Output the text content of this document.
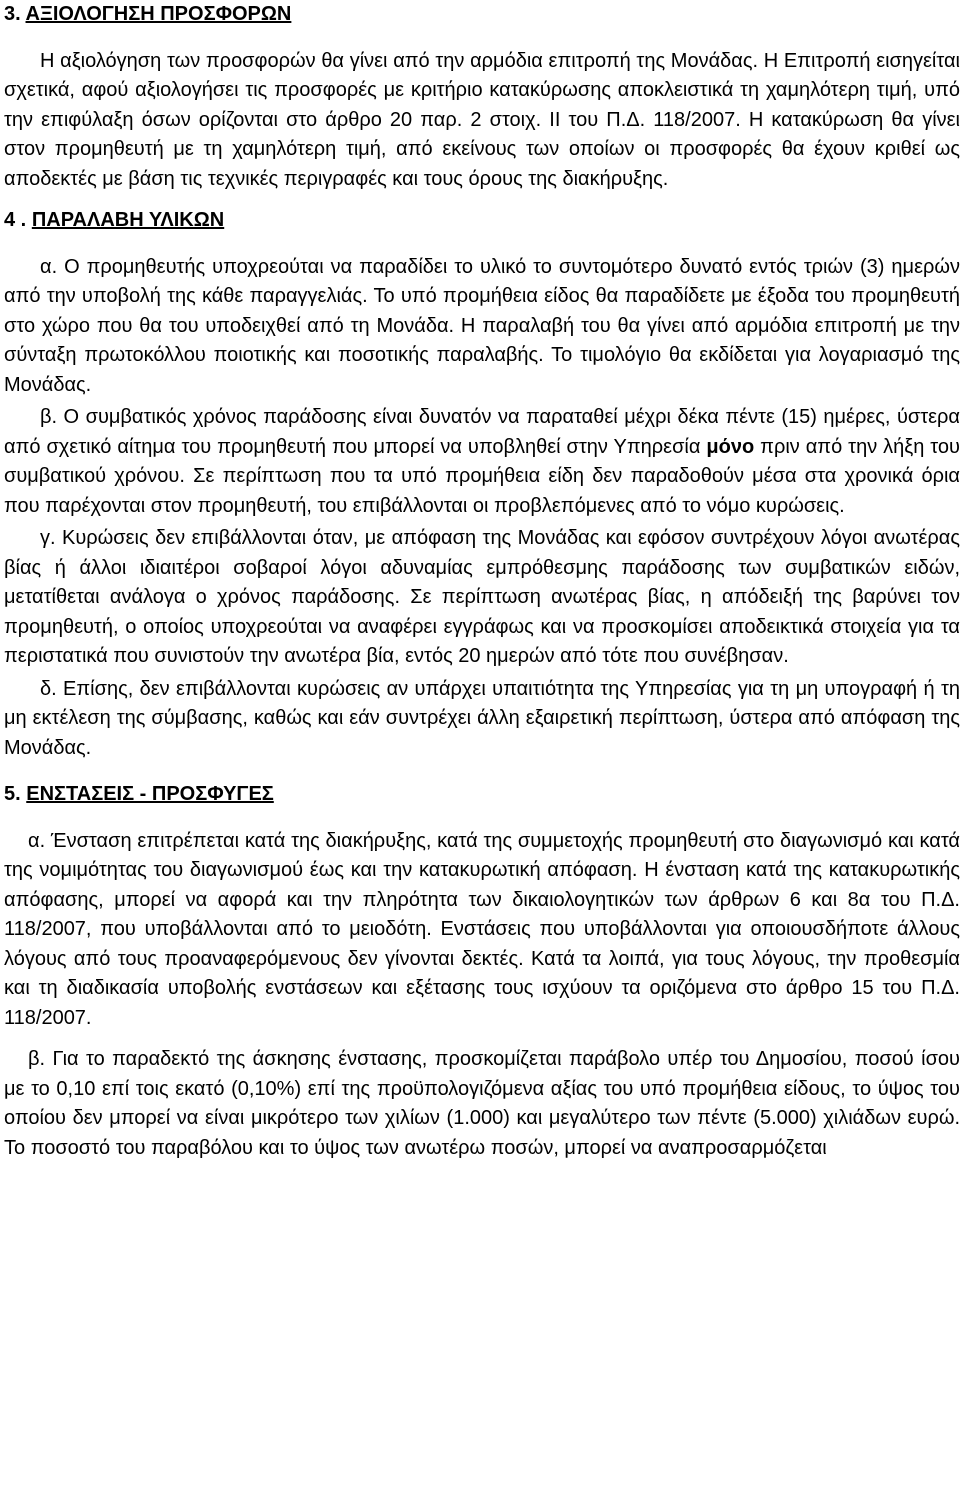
3. ΑΞΙΟΛΟΓΗΣΗ ΠΡΟΣΦΟΡΩΝ

Η αξιολόγηση των προσφορών θα γίνει από την αρμόδια επιτροπή της Μονάδας. Η Επιτροπή εισηγείται σχετικά, αφού αξιολογήσει τις προσφορές με κριτήριο κατακύρωσης αποκλειστικά τη χαμηλότερη τιμή, υπό την επιφύλαξη όσων ορίζονται στο άρθρο 20 παρ. 2 στοιχ. ΙΙ του Π.Δ. 118/2007. Η κατακύρωση θα γίνει στον προμηθευτή με τη χαμηλότερη τιμή, από εκείνους των οποίων οι προσφορές θα έχουν κριθεί ως αποδεκτές με βάση τις τεχνικές περιγραφές και τους όρους της διακήρυξης.

4 . ΠΑΡΑΛΑΒΗ ΥΛΙΚΩΝ

α. Ο προμηθευτής υποχρεούται να παραδίδει το υλικό το συντομότερο δυνατό εντός τριών (3) ημερών από την υποβολή της κάθε παραγγελιάς. Το υπό προμήθεια είδος θα παραδίδετε με έξοδα του προμηθευτή στο χώρο που θα του υποδειχθεί από τη Μονάδα. Η παραλαβή του θα γίνει από αρμόδια επιτροπή με την σύνταξη πρωτοκόλλου ποιοτικής και ποσοτικής παραλαβής. Το τιμολόγιο θα εκδίδεται για λογαριασμό της Μονάδας.

β. Ο συμβατικός χρόνος παράδοσης είναι δυνατόν να παραταθεί μέχρι δέκα πέντε (15) ημέρες, ύστερα από σχετικό αίτημα του προμηθευτή που μπορεί να υποβληθεί στην Υπηρεσία μόνο πριν από την λήξη του συμβατικού χρόνου. Σε περίπτωση που τα υπό προμήθεια είδη δεν παραδοθούν μέσα στα χρονικά όρια που παρέχονται στον προμηθευτή, του επιβάλλονται οι προβλεπόμενες από το νόμο κυρώσεις.

γ. Κυρώσεις δεν επιβάλλονται όταν, με απόφαση της Μονάδας και εφόσον συντρέχουν λόγοι ανωτέρας βίας ή άλλοι ιδιαιτέροι σοβαροί λόγοι αδυναμίας εμπρόθεσμης παράδοσης των συμβατικών ειδών, μετατίθεται ανάλογα ο χρόνος παράδοσης. Σε περίπτωση ανωτέρας βίας, η απόδειξή της βαρύνει τον προμηθευτή, ο οποίος υποχρεούται να αναφέρει εγγράφως και να προσκομίσει αποδεικτικά στοιχεία για τα περιστατικά που συνιστούν την ανωτέρα βία, εντός 20 ημερών από τότε που συνέβησαν.

δ. Επίσης, δεν επιβάλλονται κυρώσεις αν υπάρχει υπαιτιότητα της Υπηρεσίας για τη μη υπογραφή ή τη μη εκτέλεση της σύμβασης, καθώς και εάν συντρέχει άλλη εξαιρετική περίπτωση, ύστερα από απόφαση της Μονάδας.

5. ΕΝΣΤΑΣΕΙΣ - ΠΡΟΣΦΥΓΕΣ

α. Ένσταση επιτρέπεται κατά της διακήρυξης, κατά της συμμετοχής προμηθευτή στο διαγωνισμό και κατά της νομιμότητας του διαγωνισμού έως και την κατακυρωτική απόφαση. Η ένσταση κατά της κατακυρωτικής απόφασης, μπορεί να αφορά και την πληρότητα των δικαιολογητικών των άρθρων 6 και 8α του Π.Δ. 118/2007, που υποβάλλονται από το μειοδότη. Ενστάσεις που υποβάλλονται για οποιουσδήποτε άλλους λόγους από τους προαναφερόμενους δεν γίνονται δεκτές. Κατά τα λοιπά, για τους λόγους, την προθεσμία και τη διαδικασία υποβολής ενστάσεων και εξέτασης τους ισχύουν τα οριζόμενα στο άρθρο 15 του Π.Δ. 118/2007.

β. Για το παραδεκτό της άσκησης ένστασης, προσκομίζεται παράβολο υπέρ του Δημοσίου, ποσού ίσου με το 0,10 επί τοις εκατό (0,10%) επί της προϋπολογιζόμενα αξίας του υπό προμήθεια είδους, το ύψος του οποίου δεν μπορεί να είναι μικρότερο των χιλίων (1.000) και μεγαλύτερο των πέντε (5.000) χιλιάδων ευρώ. Το ποσοστό του παραβόλου και το ύψος των ανωτέρω ποσών, μπορεί να αναπροσαρμόζεται
